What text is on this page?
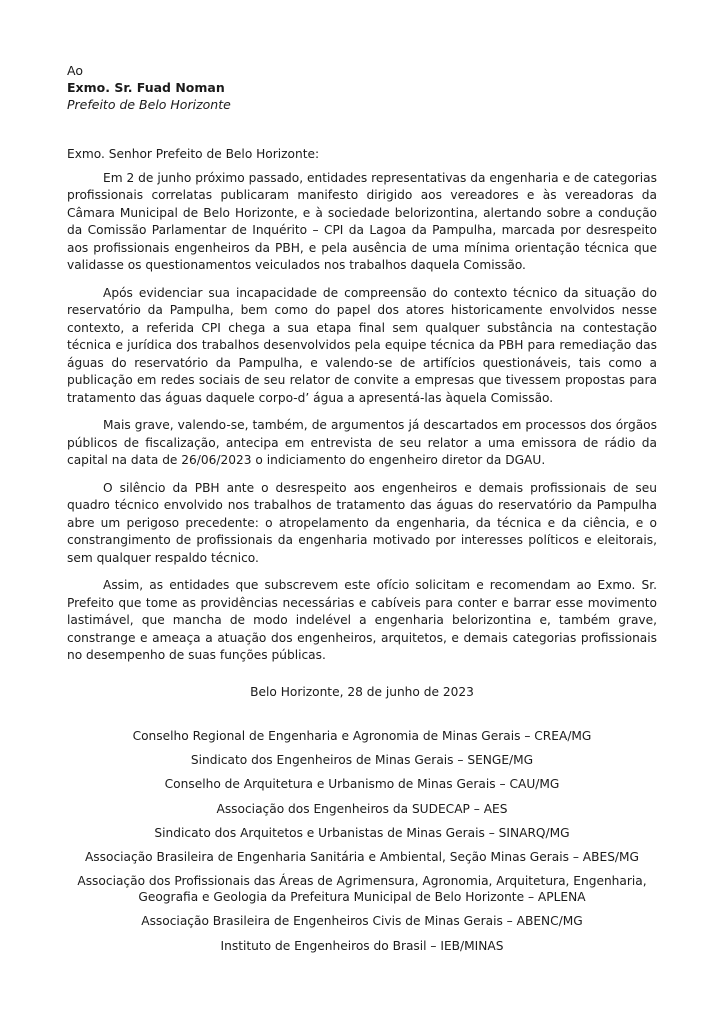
Ao
Exmo. Sr. Fuad Noman
Prefeito de Belo Horizonte

Exmo. Senhor Prefeito de Belo Horizonte:

Em 2 de junho próximo passado, entidades representativas da engenharia e de categorias profissionais correlatas publicaram manifesto dirigido aos vereadores e às vereadoras da Câmara Municipal de Belo Horizonte, e à sociedade belorizontina, alertando sobre a condução da Comissão Parlamentar de Inquérito – CPI da Lagoa da Pampulha, marcada por desrespeito aos profissionais engenheiros da PBH, e pela ausência de uma mínima orientação técnica que validasse os questionamentos veiculados nos trabalhos daquela Comissão.

Após evidenciar sua incapacidade de compreensão do contexto técnico da situação do reservatório da Pampulha, bem como do papel dos atores historicamente envolvidos nesse contexto, a referida CPI chega a sua etapa final sem qualquer substância na contestação técnica e jurídica dos trabalhos desenvolvidos pela equipe técnica da PBH para remediação das águas do reservatório da Pampulha, e valendo-se de artifícios questionáveis, tais como a publicação em redes sociais de seu relator de convite a empresas que tivessem propostas para tratamento das águas daquele corpo-d’ água a apresentá-las àquela Comissão.

Mais grave, valendo-se, também, de argumentos já descartados em processos dos órgãos públicos de fiscalização, antecipa em entrevista de seu relator a uma emissora de rádio da capital na data de 26/06/2023 o indiciamento do engenheiro diretor da DGAU.

O silêncio da PBH ante o desrespeito aos engenheiros e demais profissionais de seu quadro técnico envolvido nos trabalhos de tratamento das águas do reservatório da Pampulha abre um perigoso precedente: o atropelamento da engenharia, da técnica e da ciência, e o constrangimento de profissionais da engenharia motivado por interesses políticos e eleitorais, sem qualquer respaldo técnico.

Assim, as entidades que subscrevem este ofício solicitam e recomendam ao Exmo. Sr. Prefeito que tome as providências necessárias e cabíveis para conter e barrar esse movimento lastimável, que mancha de modo indelével a engenharia belorizontina e, também grave, constrange e ameaça a atuação dos engenheiros, arquitetos, e demais categorias profissionais no desempenho de suas funções públicas.

Belo Horizonte, 28 de junho de 2023
Conselho Regional de Engenharia e Agronomia de Minas Gerais – CREA/MG
Sindicato dos Engenheiros de Minas Gerais – SENGE/MG
Conselho de Arquitetura e Urbanismo de Minas Gerais – CAU/MG
Associação dos Engenheiros da SUDECAP – AES
Sindicato dos Arquitetos e Urbanistas de Minas Gerais – SINARQ/MG
Associação Brasileira de Engenharia Sanitária e Ambiental, Seção Minas Gerais – ABES/MG
Associação dos Profissionais das Áreas de Agrimensura, Agronomia, Arquitetura, Engenharia, Geografia e Geologia da Prefeitura Municipal de Belo Horizonte – APLENA
Associação Brasileira de Engenheiros Civis de Minas Gerais – ABENC/MG
Instituto de Engenheiros do Brasil – IEB/MINAS
